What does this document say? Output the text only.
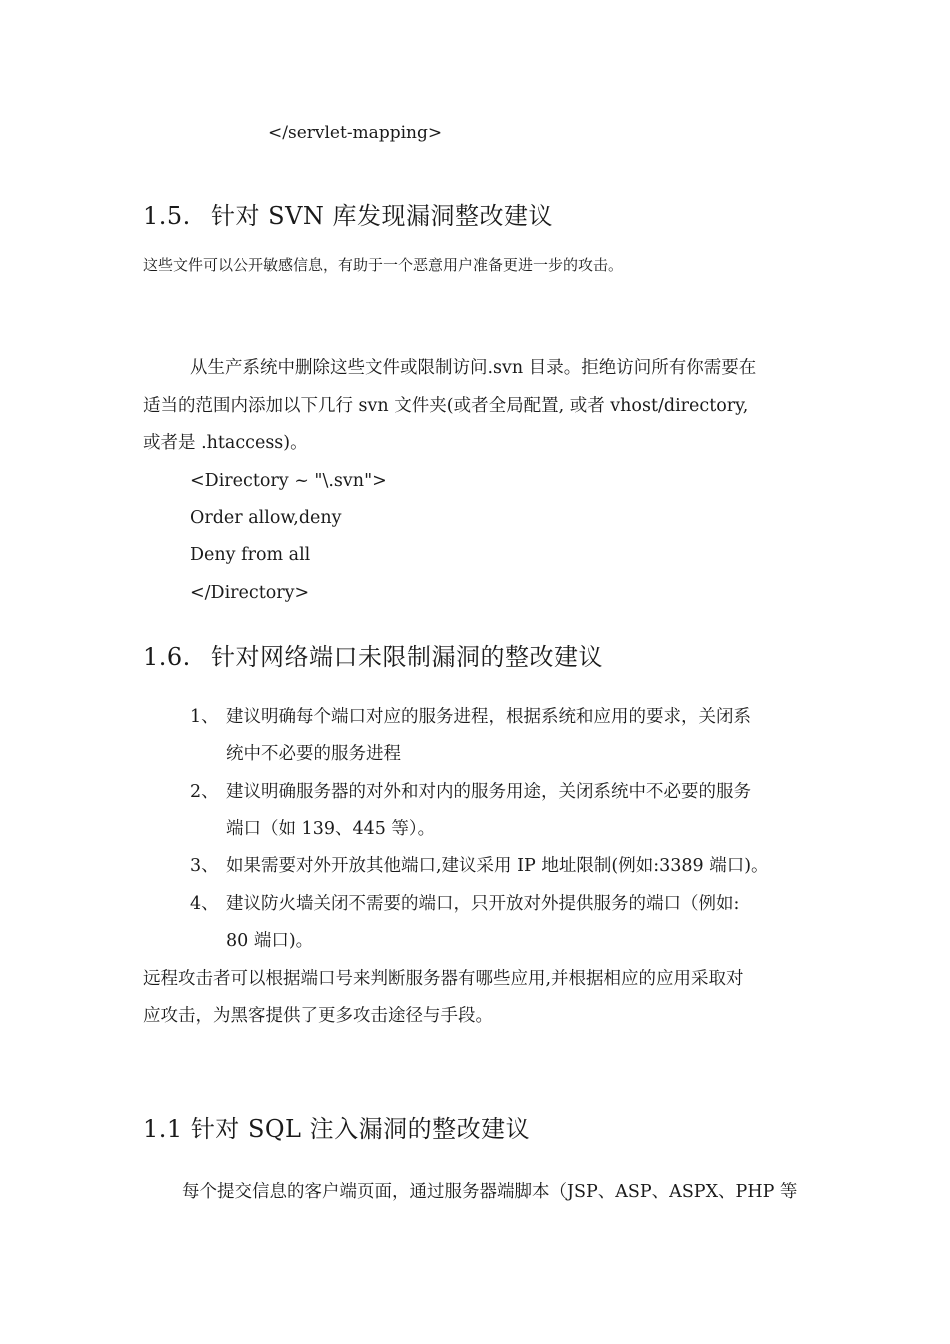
</servlet-mapping>
1.5. 针对 SVN 库发现漏洞整改建议
这些文件可以公开敏感信息，有助于一个恶意用户准备更进一步的攻击。
从生产系统中删除这些文件或限制访问.svn 目录。拒绝访问所有你需要在
适当的范围内添加以下几行 svn 文件夹(或者全局配置, 或者 vhost/directory,
或者是 .htaccess)。
<Directory ~ "\.svn">
Order allow,deny
Deny from all
</Directory>
1.6. 针对网络端口未限制漏洞的整改建议
1、 建议明确每个端口对应的服务进程，根据系统和应用的要求，关闭系
统中不必要的服务进程
2、 建议明确服务器的对外和对内的服务用途，关闭系统中不必要的服务
端口（如 139、445 等）。
3、 如果需要对外开放其他端口,建议采用 IP 地址限制(例如:3389 端口)。
4、 建议防火墙关闭不需要的端口，只开放对外提供服务的端口（例如:
80 端口)。
远程攻击者可以根据端口号来判断服务器有哪些应用,并根据相应的应用采取对
应攻击，为黑客提供了更多攻击途径与手段。
1.1 针对 SQL 注入漏洞的整改建议
每个提交信息的客户端页面，通过服务器端脚本（JSP、ASP、ASPX、PHP 等
